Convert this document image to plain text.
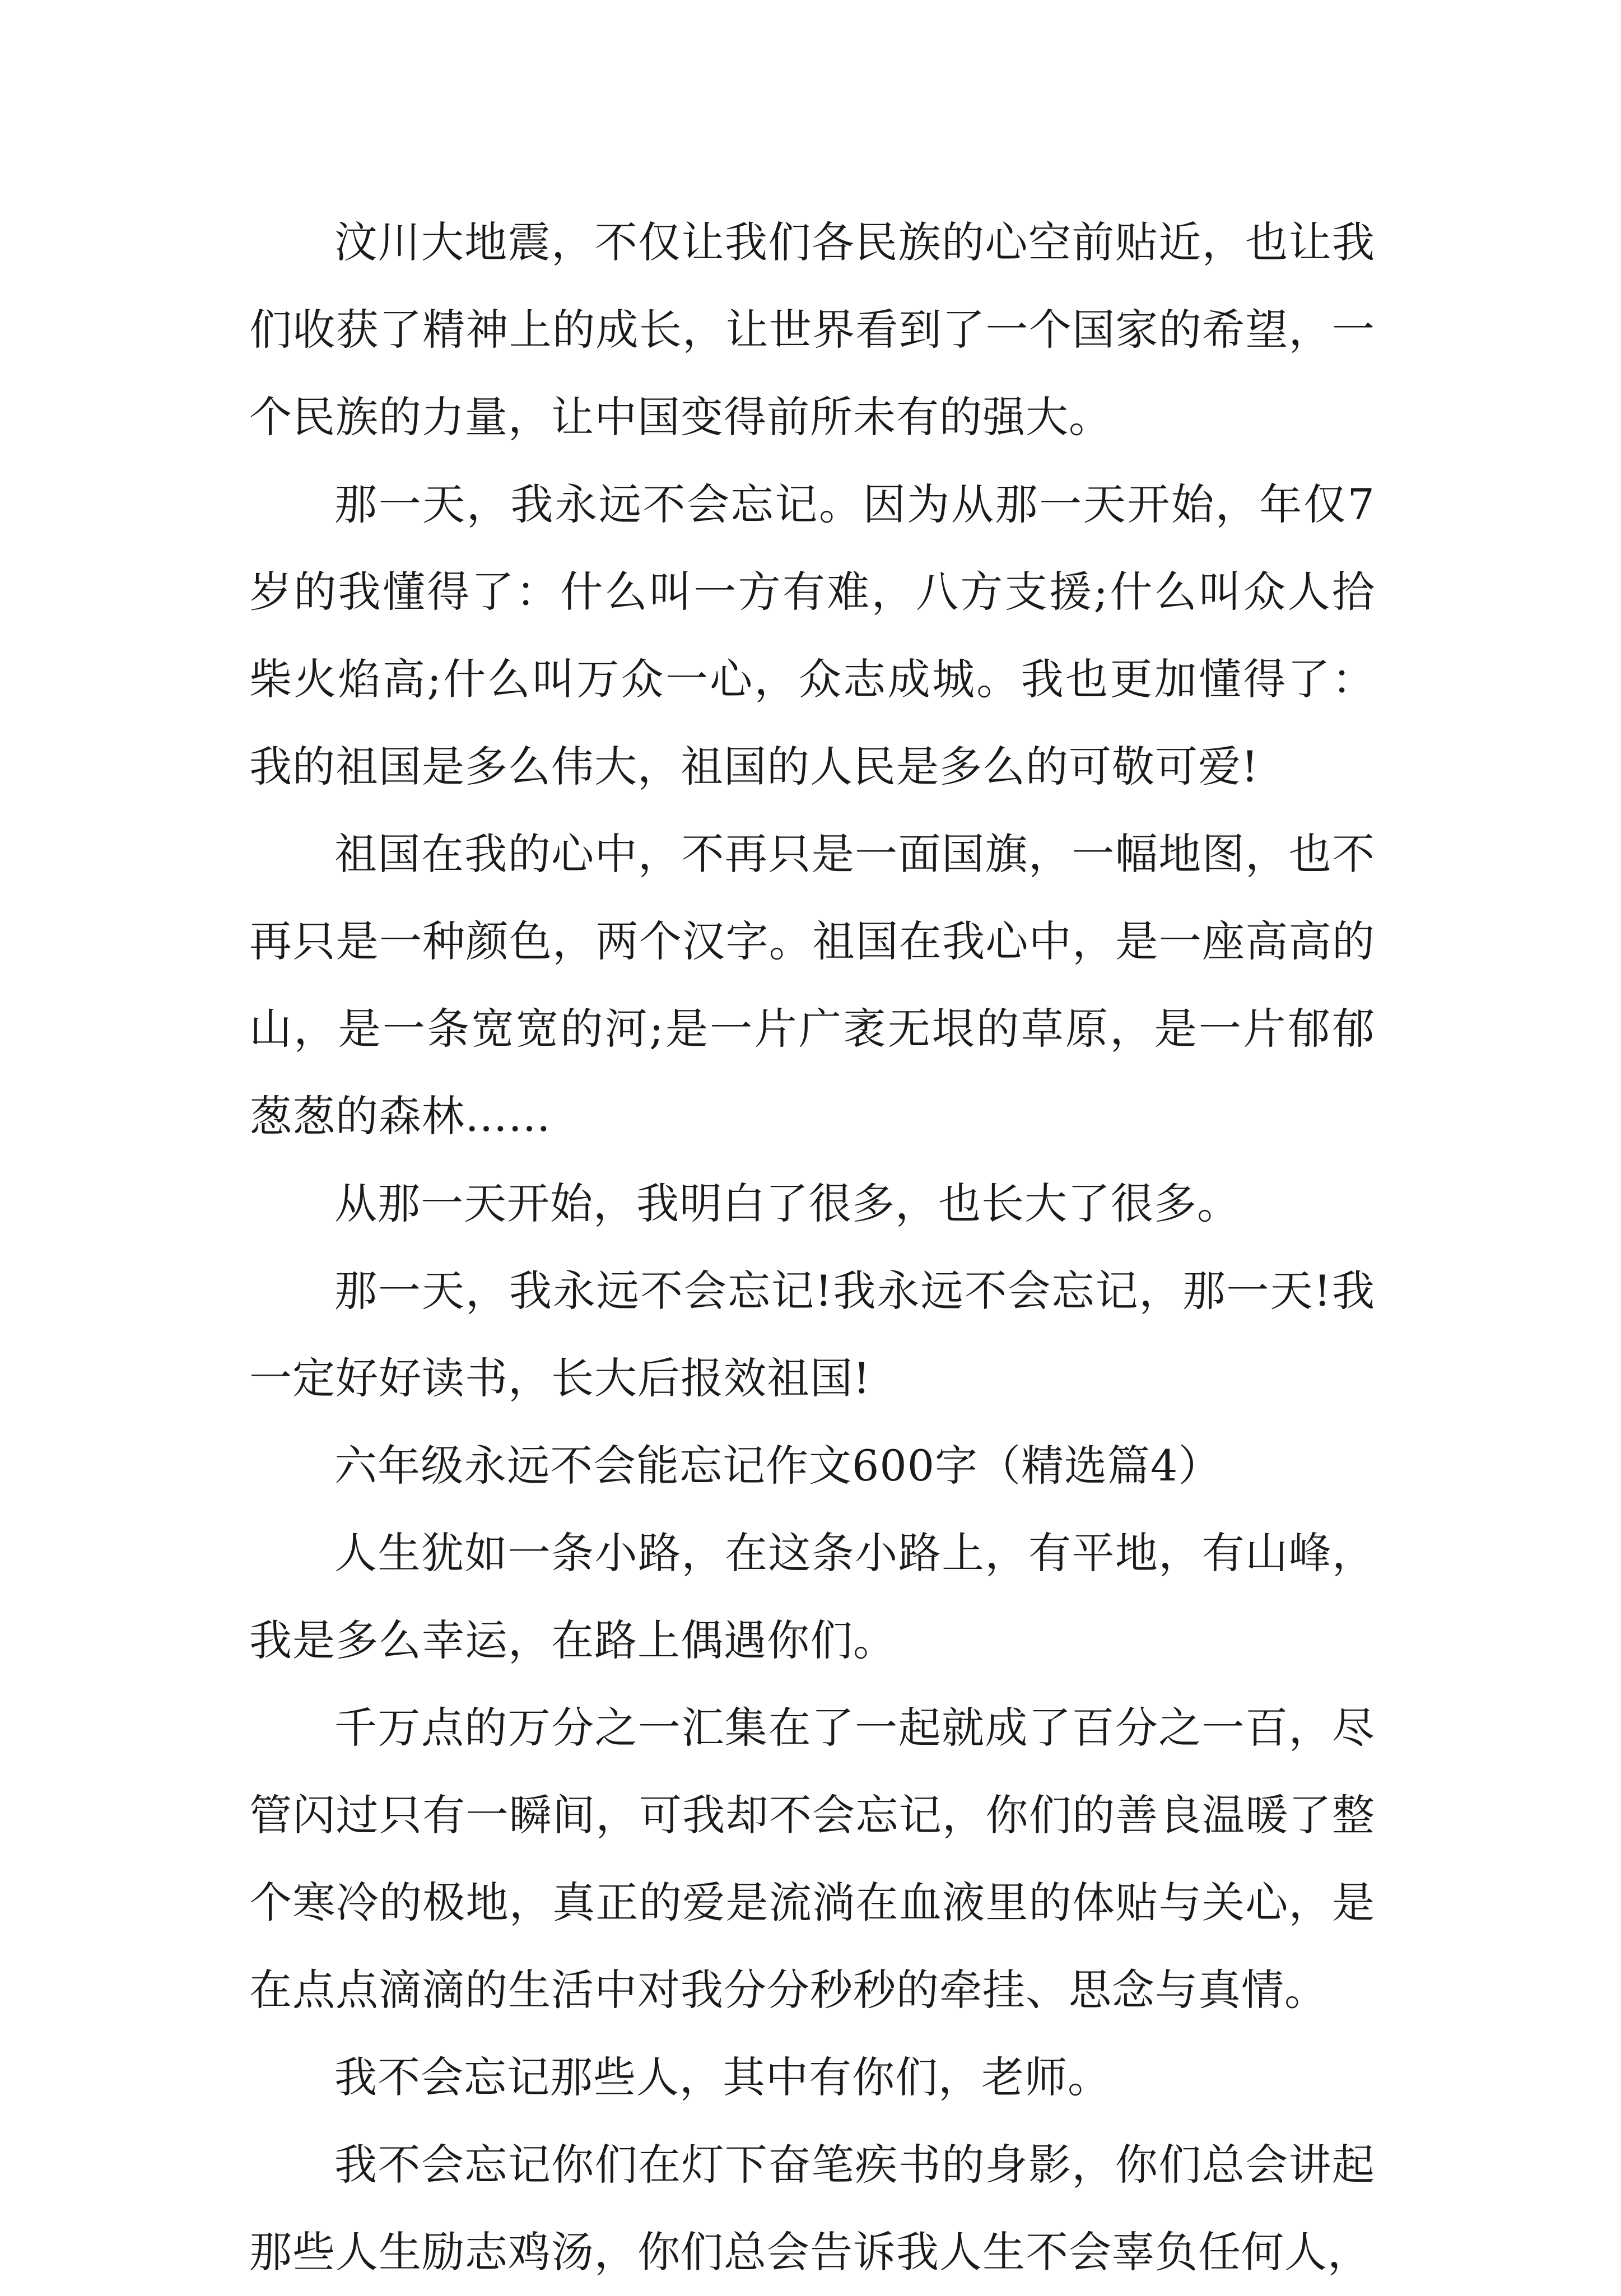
汶川大地震，不仅让我们各民族的心空前贴近，也让我们收获了精神上的成长，让世界看到了一个国家的希望，一个民族的力量，让中国变得前所未有的强大。

那一天，我永远不会忘记。因为从那一天开始，年仅7岁的我懂得了：什么叫一方有难，八方支援;什么叫众人拾柴火焰高;什么叫万众一心，众志成城。我也更加懂得了：我的祖国是多么伟大，祖国的人民是多么的可敬可爱!

祖国在我的心中，不再只是一面国旗，一幅地图，也不再只是一种颜色，两个汉字。祖国在我心中，是一座高高的山，是一条宽宽的河;是一片广袤无垠的草原，是一片郁郁葱葱的森林……

从那一天开始，我明白了很多，也长大了很多。

那一天，我永远不会忘记!我永远不会忘记，那一天!我一定好好读书，长大后报效祖国!

六年级永远不会能忘记作文600字（精选篇4）

人生犹如一条小路，在这条小路上，有平地，有山峰，我是多么幸运，在路上偶遇你们。

千万点的万分之一汇集在了一起就成了百分之一百，尽管闪过只有一瞬间，可我却不会忘记，你们的善良温暖了整个寒冷的极地，真正的爱是流淌在血液里的体贴与关心，是在点点滴滴的生活中对我分分秒秒的牵挂、思念与真情。

我不会忘记那些人，其中有你们，老师。

我不会忘记你们在灯下奋笔疾书的身影，你们总会讲起那些人生励志鸡汤，你们总会告诉我人生不会辜负任何人，
